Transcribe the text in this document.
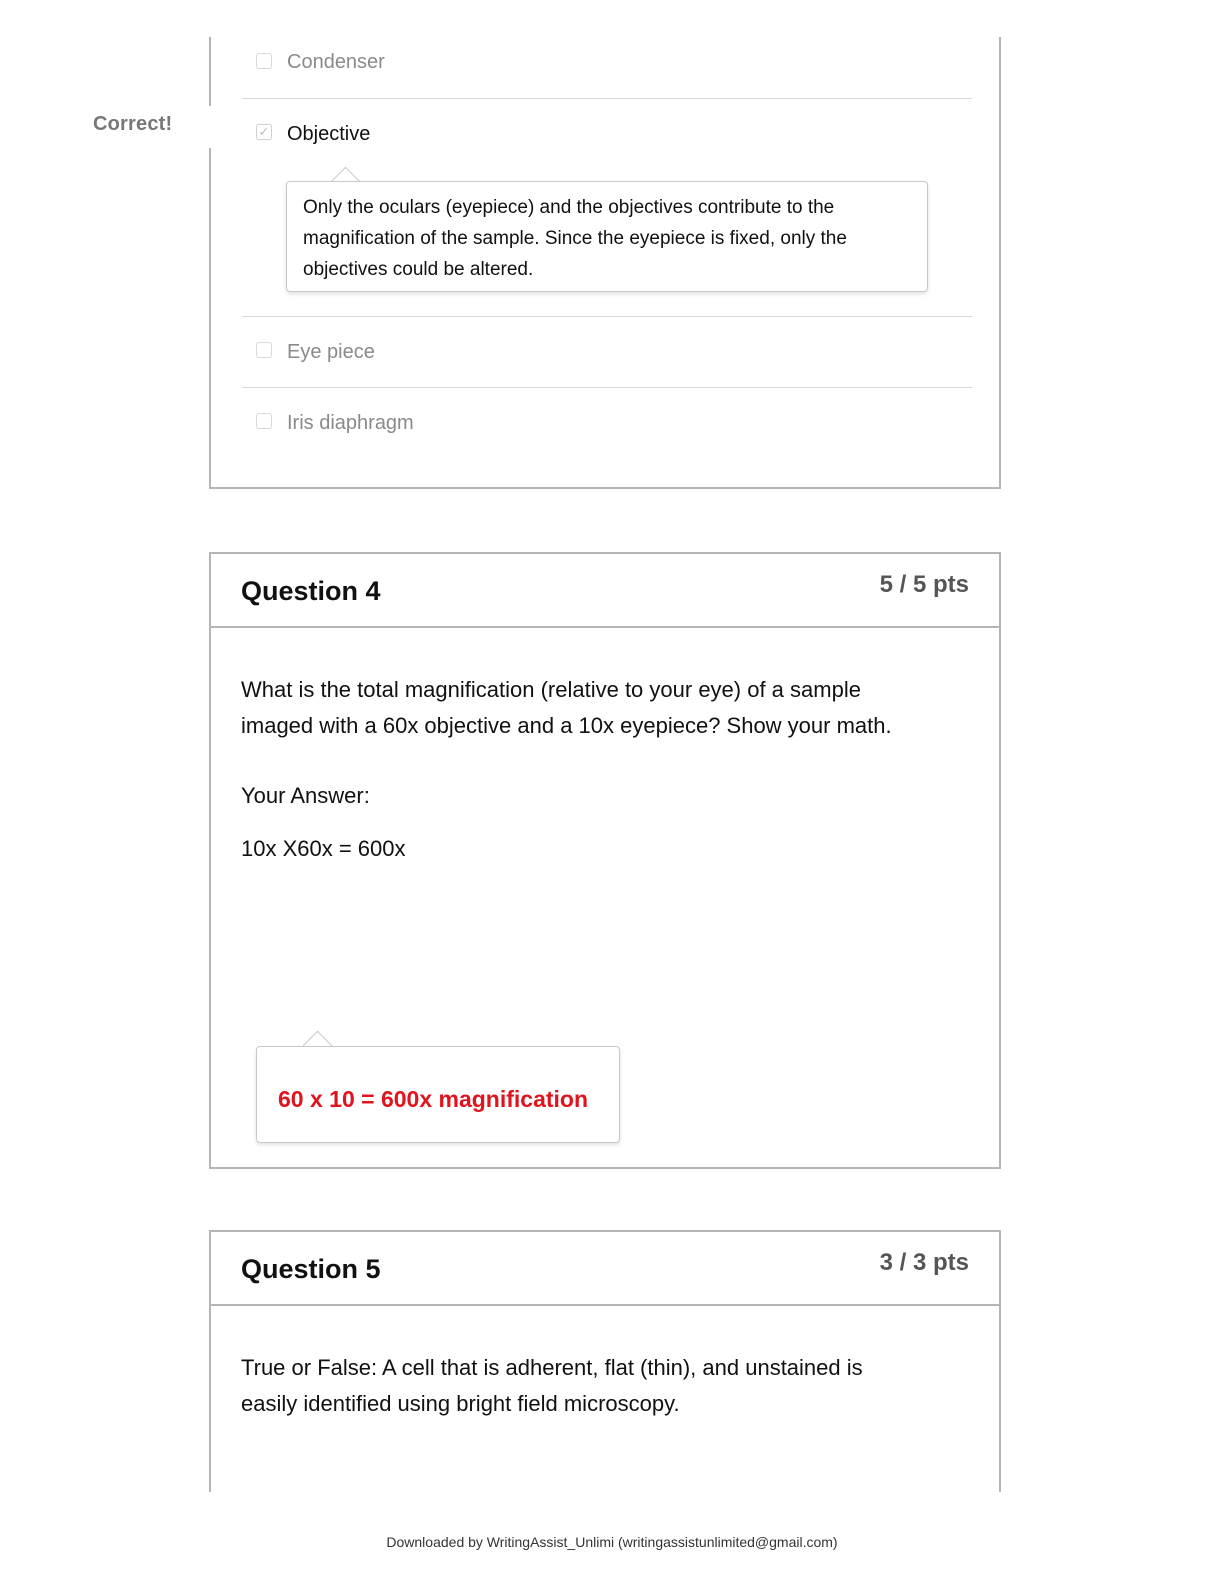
Condenser
✓ Objective
Only the oculars (eyepiece) and the objectives contribute to the magnification of the sample. Since the eyepiece is fixed, only the objectives could be altered.
Eye piece
Iris diaphragm
Correct!
Question 4	5 / 5 pts
What is the total magnification (relative to your eye) of a sample
imaged with a 60x objective and a 10x eyepiece? Show your math.
Your Answer:
10x X60x = 600x
60 x 10 = 600x magnification
Question 5	3 / 3 pts
True or False: A cell that is adherent, flat (thin), and unstained is
easily identified using bright field microscopy.
Downloaded by WritingAssist_Unlimi (writingassistunlimited@gmail.com)
